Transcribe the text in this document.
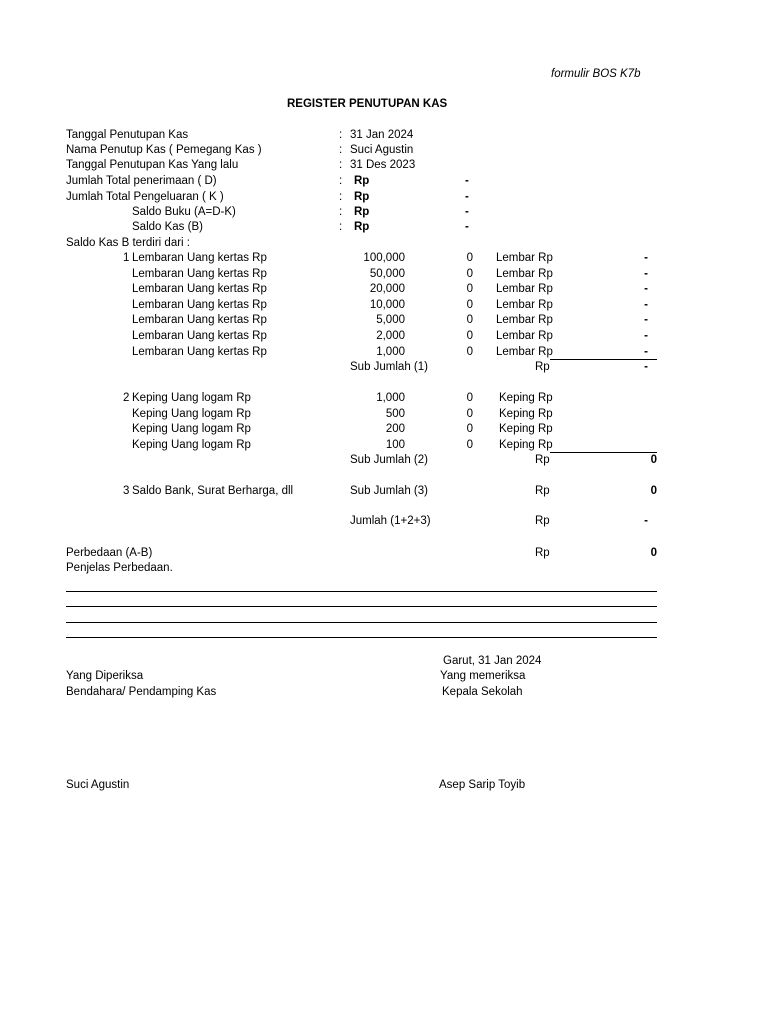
formulir BOS K7b
REGISTER PENUTUPAN KAS
Tanggal Penutupan Kas	: 31 Jan 2024
Nama Penutup Kas ( Pemegang Kas )	: Suci Agustin
Tanggal Penutupan Kas Yang lalu	: 31 Des 2023
Jumlah Total penerimaan ( D)	: Rp	-
Jumlah Total Pengeluaran ( K )	: Rp	-
Saldo Buku (A=D-K)	: Rp	-
Saldo Kas (B)	: Rp	-
Saldo Kas B terdiri dari :
1 Lembaran Uang kertas Rp	100,000	0 Lembar Rp	-
Lembaran Uang kertas Rp	50,000	0 Lembar Rp	-
Lembaran Uang kertas Rp	20,000	0 Lembar Rp	-
Lembaran Uang kertas Rp	10,000	0 Lembar Rp	-
Lembaran Uang kertas Rp	5,000	0 Lembar Rp	-
Lembaran Uang kertas Rp	2,000	0 Lembar Rp	-
Lembaran Uang kertas Rp	1,000	0 Lembar Rp	-
Sub Jumlah (1)	Rp	-
2 Keping Uang logam Rp	1,000	0 Keping Rp
Keping Uang logam Rp	500	0 Keping Rp
Keping Uang logam Rp	200	0 Keping Rp
Keping Uang logam Rp	100	0 Keping Rp
Sub Jumlah (2)	Rp	0
3 Saldo Bank, Surat Berharga, dll	Sub Jumlah (3)	Rp	0
Jumlah (1+2+3)	Rp	-
Perbedaan (A-B)	Rp	0
Penjelas Perbedaan.
Garut, 31 Jan 2024
Yang Diperiksa	Yang memeriksa
Bendahara/ Pendamping Kas	Kepala Sekolah
Suci Agustin	Asep Sarip Toyib
